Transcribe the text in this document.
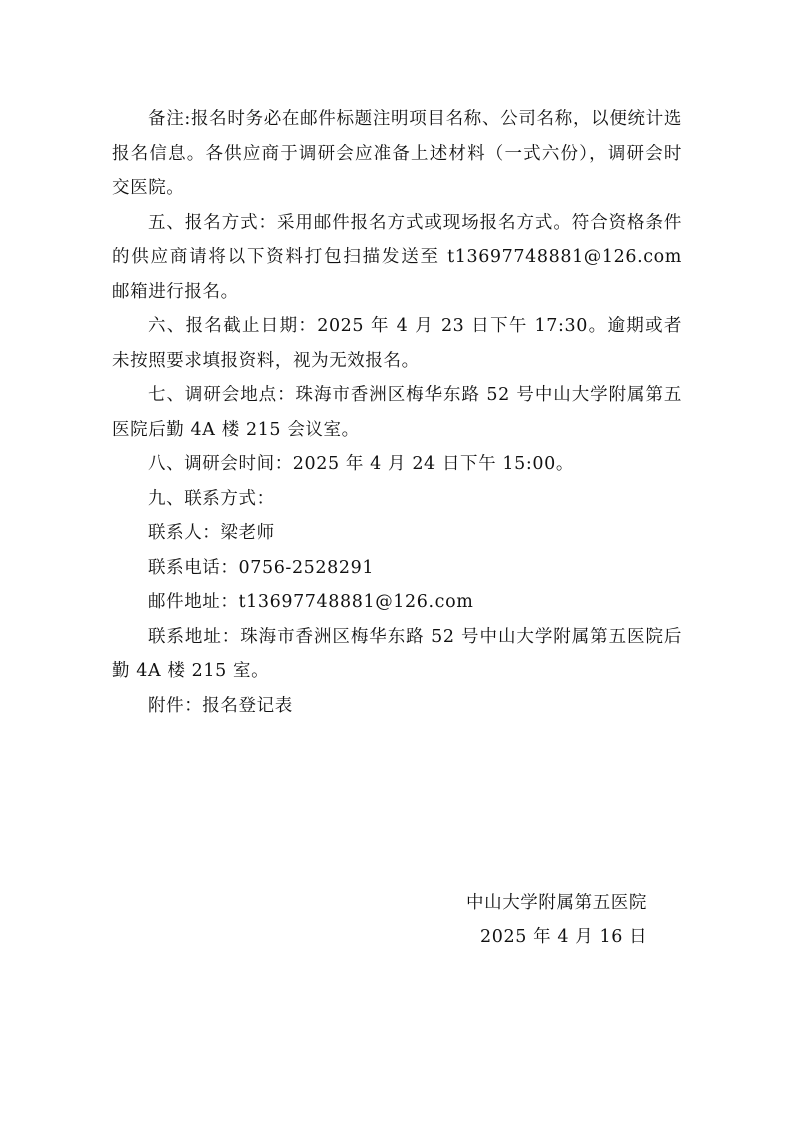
备注:报名时务必在邮件标题注明项目名称、公司名称，以便统计选报名信息。各供应商于调研会应准备上述材料（一式六份），调研会时交医院。

五、报名方式：采用邮件报名方式或现场报名方式。符合资格条件的供应商请将以下资料打包扫描发送至 t13697748881@126.com 邮箱进行报名。

六、报名截止日期：2025 年 4 月 23 日下午 17:30。逾期或者未按照要求填报资料，视为无效报名。

七、调研会地点：珠海市香洲区梅华东路 52 号中山大学附属第五医院后勤 4A 楼 215 会议室。

八、调研会时间：2025 年 4 月 24 日下午 15:00。

九、联系方式：

联系人：梁老师

联系电话：0756-2528291

邮件地址：t13697748881@126.com

联系地址：珠海市香洲区梅华东路 52 号中山大学附属第五医院后勤 4A 楼 215 室。

附件：报名登记表

中山大学附属第五医院
2025 年 4 月 16 日
